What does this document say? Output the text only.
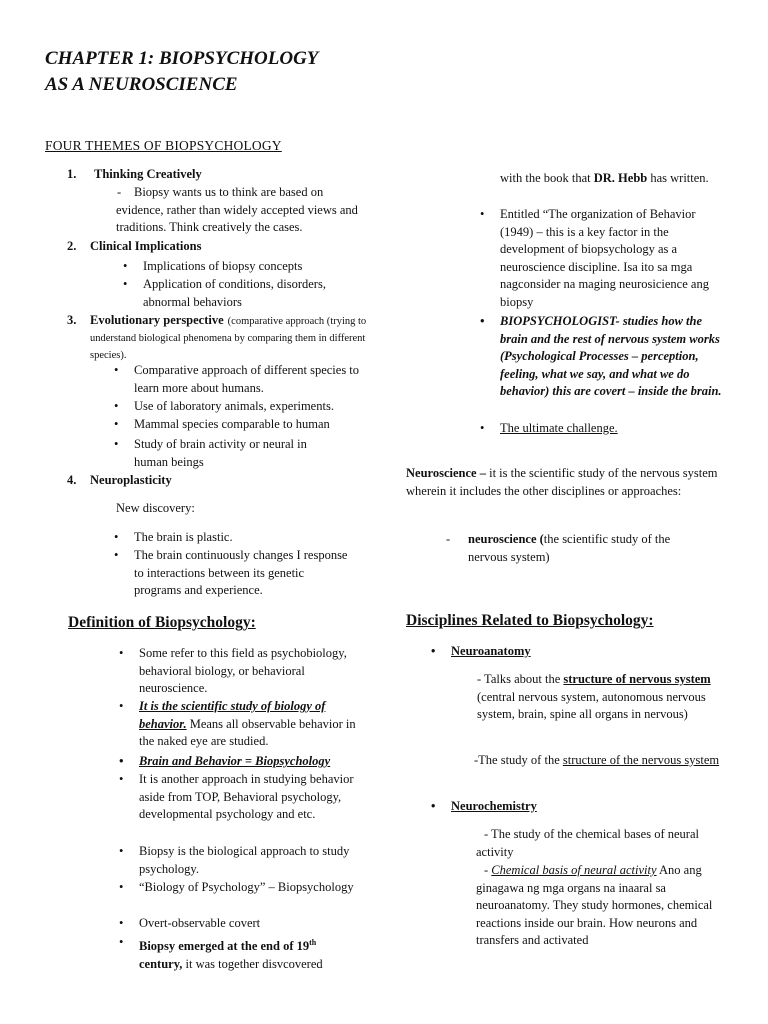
CHAPTER 1: BIOPSYCHOLOGY
AS A NEUROSCIENCE
FOUR THEMES OF BIOPSYCHOLOGY
1. Thinking Creatively
-	Biopsy wants us to think are based on evidence, rather than widely accepted views and traditions. Think creatively the cases.
2. Clinical Implications
• Implications of biopsy concepts
• Application of conditions, disorders, abnormal behaviors
3. Evolutionary perspective (comparative approach (trying to understand biological phenomena by comparing them in different species).
• Comparative approach of different species to learn more about humans.
• Use of laboratory animals, experiments.
• Mammal species comparable to human
• Study of brain activity or neural in human beings
4. Neuroplasticity
New discovery:
• The brain is plastic.
• The brain continuously changes I response to interactions between its genetic programs and experience.
Definition of Biopsychology:
• Some refer to this field as psychobiology, behavioral biology, or behavioral neuroscience.
• It is the scientific study of biology of behavior. Means all observable behavior in the naked eye are studied.
• Brain and Behavior = Biopsychology
• It is another approach in studying behavior aside from TOP, Behavioral psychology, developmental psychology and etc.
• Biopsy is the biological approach to study psychology.
• “Biology of Psychology” – Biopsychology
• Overt-observable covert
• Biopsy emerged at the end of 19th century, it was together disvcovered
with the book that DR. Hebb has written.
• Entitled “The organization of Behavior (1949) – this is a key factor in the development of biopsychology as a neuroscience discipline. Isa ito sa mga nagconsider na maging neurosicience ang biopsy
• BIOPSYCHOLOGIST- studies how the brain and the rest of nervous system works (Psychological Processes – perception, feeling, what we say, and what we do behavior) this are covert – inside the brain.
• The ultimate challenge.
Neuroscience – it is the scientific study of the nervous system wherein it includes the other disciplines or approaches:
- neuroscience (the scientific study of the nervous system)
Disciplines Related to Biopsychology:
• Neuroanatomy
- Talks about the structure of nervous system (central nervous system, autonomous nervous system, brain, spine all organs in nervous)
-The study of the structure of the nervous system
• Neurochemistry
- The study of the chemical bases of neural activity
- Chemical basis of neural activity Ano ang ginagawa ng mga organs na inaaral sa neuroanatomy. They study hormones, chemical reactions inside our brain. How neurons and transfers and activated
